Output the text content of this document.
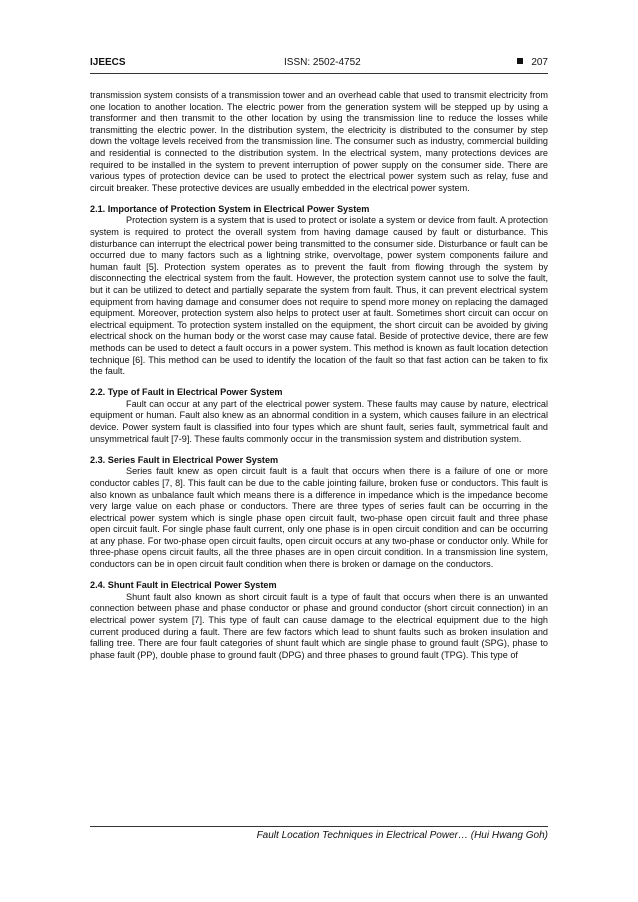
IJEECS	ISSN: 2502-4752	207

transmission system consists of a transmission tower and an overhead cable that used to transmit electricity from one location to another location. The electric power from the generation system will be stepped up by using a transformer and then transmit to the other location by using the transmission line to reduce the losses while transmitting the electric power. In the distribution system, the electricity is distributed to the consumer by step down the voltage levels received from the transmission line. The consumer such as industry, commercial building and residential is connected to the distribution system. In the electrical system, many protections devices are required to be installed in the system to prevent interruption of power supply on the consumer side. There are various types of protection device can be used to protect the electrical power system such as relay, fuse and circuit breaker. These protective devices are usually embedded in the electrical power system.

2.1. Importance of Protection System in Electrical Power System

Protection system is a system that is used to protect or isolate a system or device from fault. A protection system is required to protect the overall system from having damage caused by fault or disturbance. This disturbance can interrupt the electrical power being transmitted to the consumer side. Disturbance or fault can be occurred due to many factors such as a lightning strike, overvoltage, power system components failure and human fault [5]. Protection system operates as to prevent the fault from flowing through the system by disconnecting the electrical system from the fault. However, the protection system cannot use to solve the fault, but it can be utilized to detect and partially separate the system from fault. Thus, it can prevent electrical system equipment from having damage and consumer does not require to spend more money on replacing the damaged equipment. Moreover, protection system also helps to protect user at fault. Sometimes short circuit can occur on electrical equipment. To protection system installed on the equipment, the short circuit can be avoided by giving electrical shock on the human body or the worst case may cause fatal. Beside of protective device, there are few methods can be used to detect a fault occurs in a power system. This method is known as fault location detection technique [6]. This method can be used to identify the location of the fault so that fast action can be taken to fix the fault.

2.2. Type of Fault in Electrical Power System

Fault can occur at any part of the electrical power system. These faults may cause by nature, electrical equipment or human. Fault also knew as an abnormal condition in a system, which causes failure in an electrical device. Power system fault is classified into four types which are shunt fault, series fault, symmetrical fault and unsymmetrical fault [7-9]. These faults commonly occur in the transmission system and distribution system.

2.3. Series Fault in Electrical Power System

Series fault knew as open circuit fault is a fault that occurs when there is a failure of one or more conductor cables [7, 8]. This fault can be due to the cable jointing failure, broken fuse or conductors. This fault is also known as unbalance fault which means there is a difference in impedance which is the impedance become very large value on each phase or conductors. There are three types of series fault can be occurring in the electrical power system which is single phase open circuit fault, two-phase open circuit fault and three phase open circuit fault. For single phase fault current, only one phase is in open circuit condition and can be occurring at any phase. For two-phase open circuit faults, open circuit occurs at any two-phase or conductor only. While for three-phase opens circuit faults, all the three phases are in open circuit condition. In a transmission line system, conductors can be in open circuit fault condition when there is broken or damage on the conductors.

2.4. Shunt Fault in Electrical Power System

Shunt fault also known as short circuit fault is a type of fault that occurs when there is an unwanted connection between phase and phase conductor or phase and ground conductor (short circuit connection) in an electrical power system [7]. This type of fault can cause damage to the electrical equipment due to the high current produced during a fault. There are few factors which lead to shunt faults such as broken insulation and falling tree. There are four fault categories of shunt fault which are single phase to ground fault (SPG), phase to phase fault (PP), double phase to ground fault (DPG) and three phases to ground fault (TPG). This type of

Fault Location Techniques in Electrical Power… (Hui Hwang Goh)
